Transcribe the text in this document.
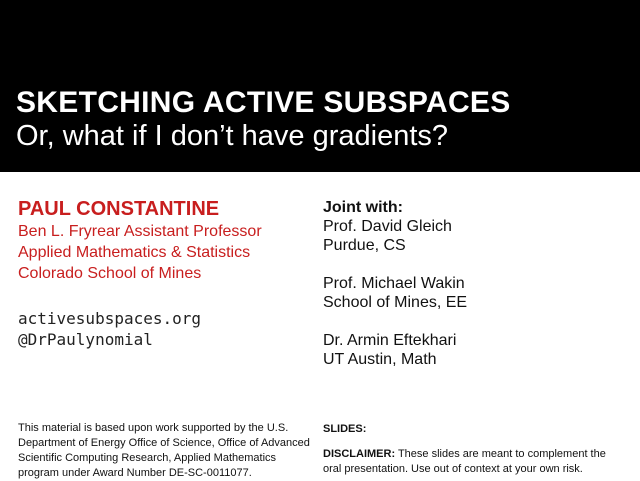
SKETCHING ACTIVE SUBSPACES
Or, what if I don’t have gradients?
PAUL CONSTANTINE
Ben L. Fryrear Assistant Professor
Applied Mathematics & Statistics
Colorado School of Mines
activesubspaces.org
@DrPaulynomial
Joint with:
Prof. David Gleich
Purdue, CS
Prof. Michael Wakin
School of Mines, EE
Dr. Armin Eftekhari
UT Austin, Math
This material is based upon work supported by the U.S. Department of Energy Office of Science, Office of Advanced Scientific Computing Research, Applied Mathematics program under Award Number DE-SC-0011077.
SLIDES:
DISCLAIMER: These slides are meant to complement the oral presentation. Use out of context at your own risk.
